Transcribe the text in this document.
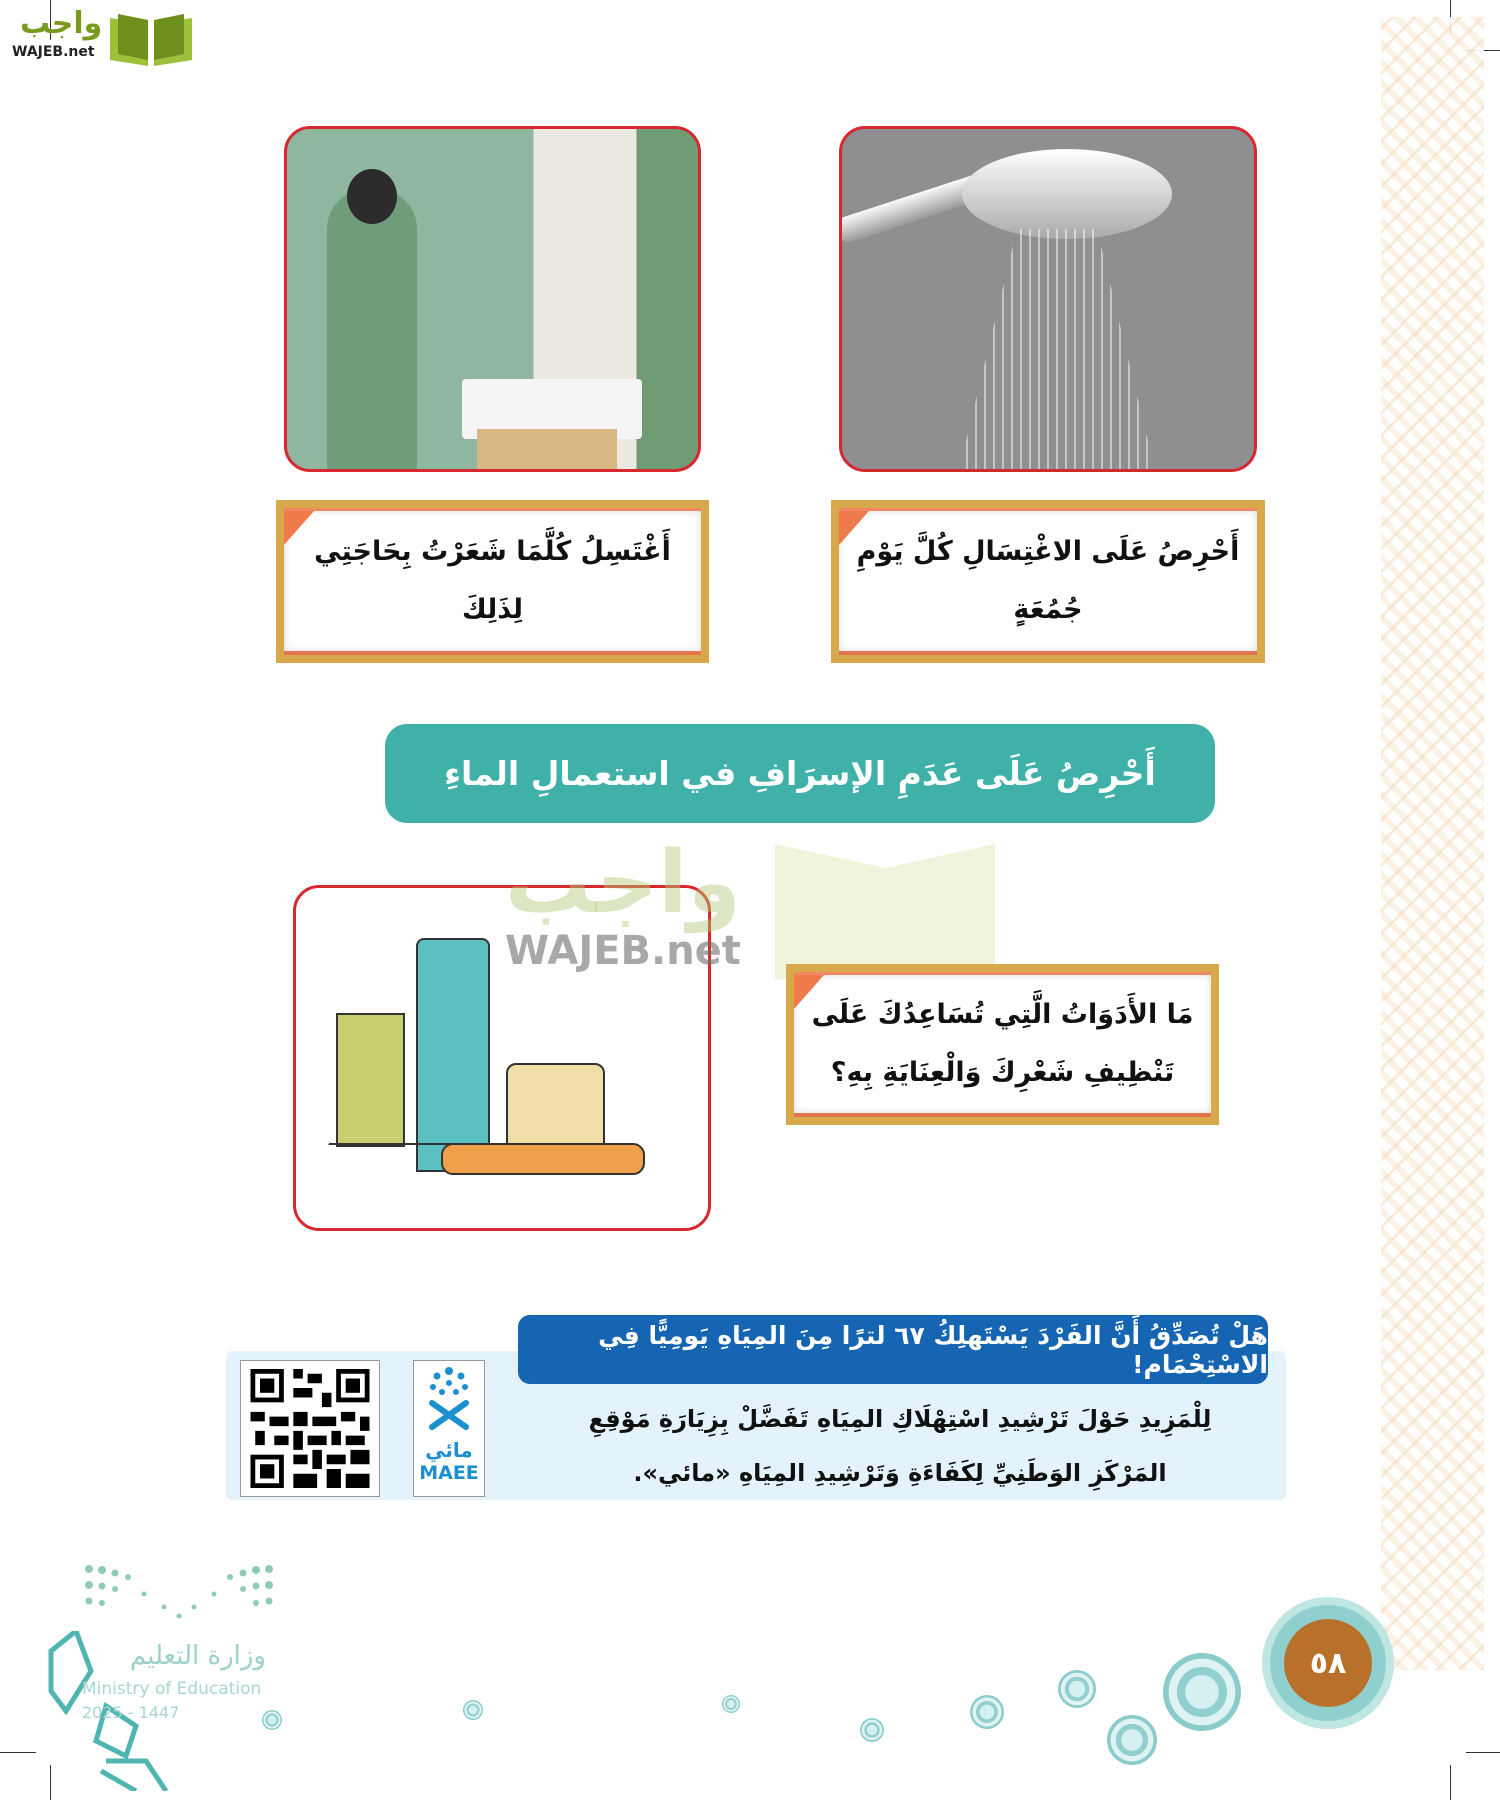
واجب
WAJEB.net
أَغْتَسِلُ كُلَّمَا شَعَرْتُ بِحَاجَتِي
لِذَلِكَ
أَحْرِصُ عَلَى الاغْتِسَالِ كُلَّ يَوْمِ
جُمُعَةٍ
أَحْرِصُ عَلَى عَدَمِ الإسرَافِ في استعمالِ الماءِ
واجب
WAJEB.net
مَا الأَدَوَاتُ الَّتِي تُسَاعِدُكَ عَلَى
تَنْظِيفِ شَعْرِكَ وَالْعِنَايَةِ بِهِ؟
هَلْ تُصَدِّقُ أَنَّ الفَرْدَ يَسْتَهلِكُ ٦٧ لترًا مِنَ المِيَاهِ يَومِيًّا فِي الاسْتِحْمَام!
لِلْمَزِيدِ حَوْلَ تَرْشِيدِ اسْتِهْلَاكِ المِيَاهِ تَفَضَّلْ بِزِيَارَةِ مَوْقِعِ
المَرْكَزِ الوَطَنِيِّ لِكَفَاءَةِ وَتَرْشِيدِ المِيَاهِ «مائي».
مائي
MAEE
وزارة التعليم
Ministry of Education
2025 - 1447
٥٨
